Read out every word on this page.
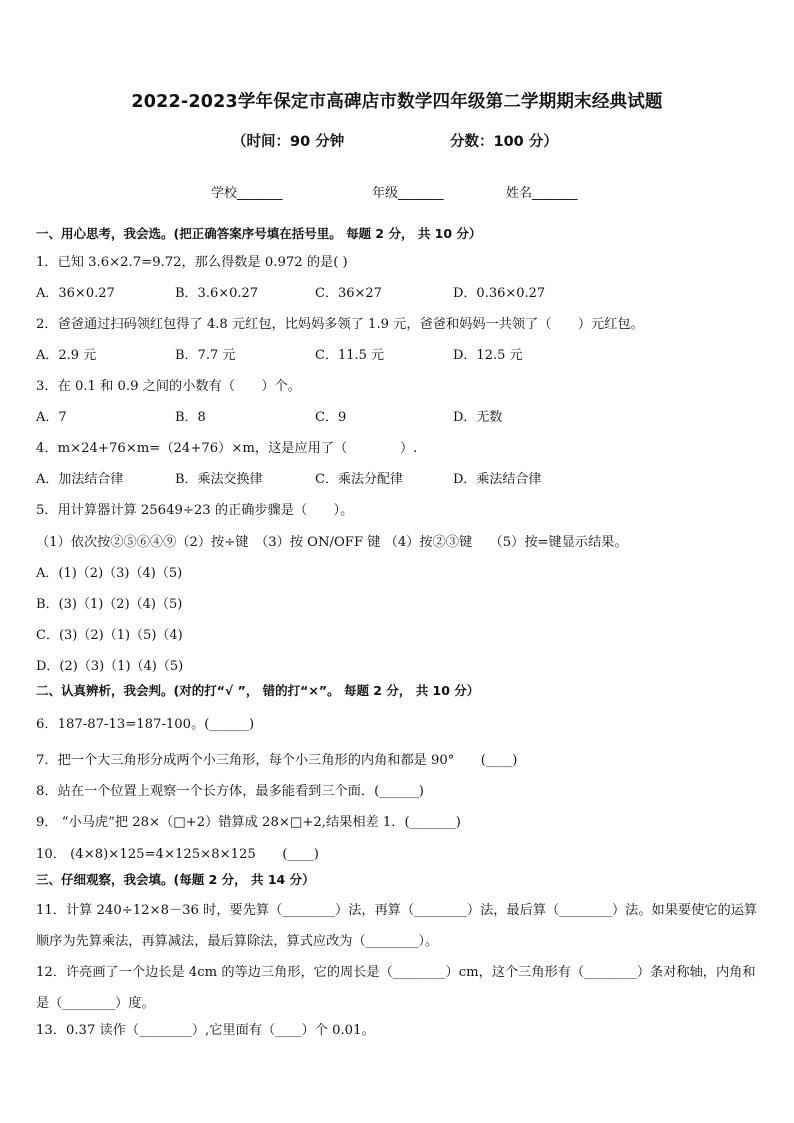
2022-2023学年保定市高碑店市数学四年级第二学期期末经典试题
（时间：90 分钟	分数：100 分）
学校_______	年级_______	姓名_______
一、用心思考，我会选。(把正确答案序号填在括号里。 每题 2 分， 共 10 分）
1．已知 3.6×2.7=9.72，那么得数是 0.972 的是( )
A．36×0.27	B．3.6×0.27	C．36×27	D．0.36×0.27
2．爸爸通过扫码领红包得了 4.8 元红包，比妈妈多领了 1.9 元，爸爸和妈妈一共领了（　　）元红包。
A．2.9 元	B．7.7 元	C．11.5 元	D．12.5 元
3．在 0.1 和 0.9 之间的小数有（　　）个。
A．7	B．8	C．9	D．无数
4．m×24+76×m=（24+76）×m，这是应用了（　　　　）.
A．加法结合律	B．乘法交换律	C．乘法分配律	D．乘法结合律
5．用计算器计算 25649÷23 的正确步骤是（　　）。
（1）依次按②⑤⑥④⑨（2）按÷键　（3）按 ON/OFF 键 （4）按②③键　 （5）按=键显示结果。
A．(1)（2)（3)（4)（5)
B．(3)（1)（2)（4)（5)
C．(3)（2)（1)（5)（4)
D．(2)（3)（1)（4)（5)
二、认真辨析，我会判。(对的打“√ ”， 错的打“×”。 每题 2 分， 共 10 分）
6．187-87-13=187-100。(______)
7．把一个大三角形分成两个小三角形，每个小三角形的内角和都是 90°　　(____)
8．站在一个位置上观察一个长方体，最多能看到三个面．(______)
9． “小马虎”把 28×（□+2）错算成 28×□+2,结果相差 1．(_______)
10． (4×8)×125=4×125×8×125　　(____)
三、仔细观察，我会填。(每题 2 分， 共 14 分）
11．计算 240÷12×8－36 时，要先算（________）法，再算（________）法，最后算（________）法。如果要使它的运算顺序为先算乘法，再算减法，最后算除法，算式应改为（________）。
12．许亮画了一个边长是 4cm 的等边三角形，它的周长是（________）cm，这个三角形有（________）条对称轴，内角和是（________）度。
13．0.37 读作（________）,它里面有（____）个 0.01。
